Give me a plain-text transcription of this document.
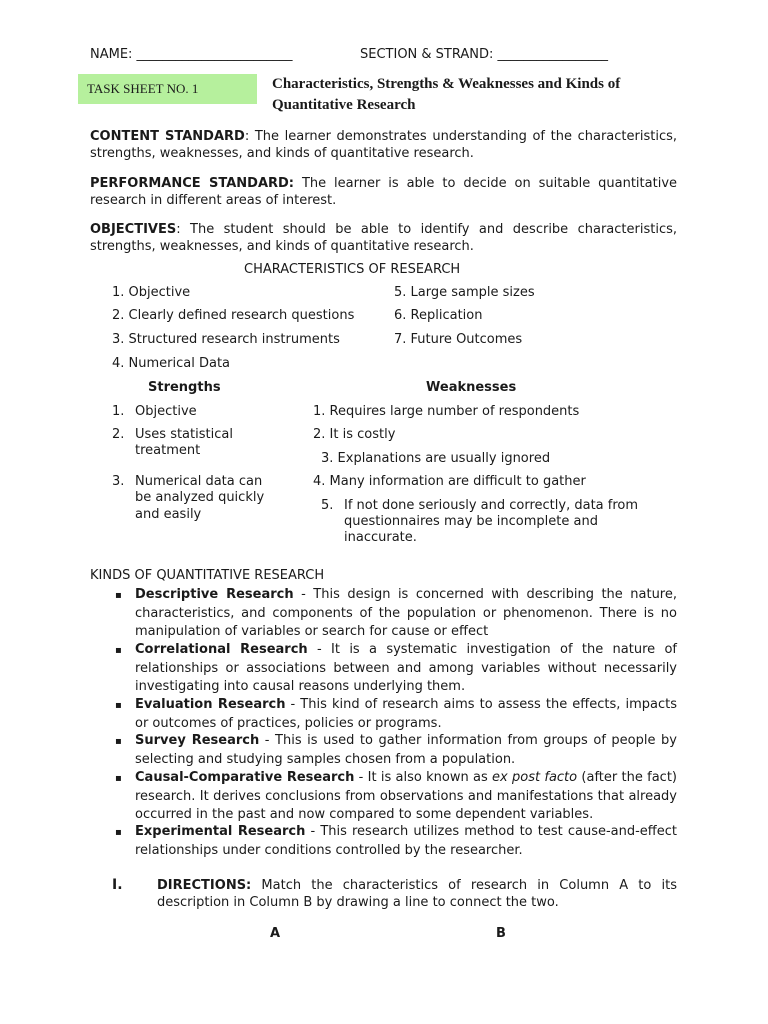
NAME: ________________________	SECTION & STRAND: _________________
TASK SHEET NO. 1	Characteristics, Strengths & Weaknesses and Kinds of
Quantitative Research
CONTENT STANDARD: The learner demonstrates understanding of the characteristics, strengths, weaknesses, and kinds of quantitative research.
PERFORMANCE STANDARD: The learner is able to decide on suitable quantitative research in different areas of interest.
OBJECTIVES: The student should be able to identify and describe characteristics, strengths, weaknesses, and kinds of quantitative research.
CHARACTERISTICS OF RESEARCH
1. Objective
2. Clearly defined research questions
3. Structured research instruments
4. Numerical Data
5. Large sample sizes
6. Replication
7. Future Outcomes
Strengths
1. Objective
2. Uses statistical
treatment
3. Numerical data can
be analyzed quickly
and easily
Weaknesses
1. Requires large number of respondents
2. It is costly
3. Explanations are usually ignored
4. Many information are difficult to gather
5. If not done seriously and correctly, data from
questionnaires may be incomplete and
inaccurate.
KINDS OF QUANTITATIVE RESEARCH
▪ Descriptive Research - This design is concerned with describing the nature, characteristics, and components of the population or phenomenon. There is no manipulation of variables or search for cause or effect
▪ Correlational Research - It is a systematic investigation of the nature of relationships or associations between and among variables without necessarily investigating into causal reasons underlying them.
▪ Evaluation Research - This kind of research aims to assess the effects, impacts or outcomes of practices, policies or programs.
▪ Survey Research - This is used to gather information from groups of people by selecting and studying samples chosen from a population.
▪ Causal-Comparative Research - It is also known as ex post facto (after the fact) research. It derives conclusions from observations and manifestations that already occurred in the past and now compared to some dependent variables.
▪ Experimental Research - This research utilizes method to test cause-and-effect relationships under conditions controlled by the researcher.
I.	DIRECTIONS: Match the characteristics of research in Column A to its description in Column B by drawing a line to connect the two.
A	B
